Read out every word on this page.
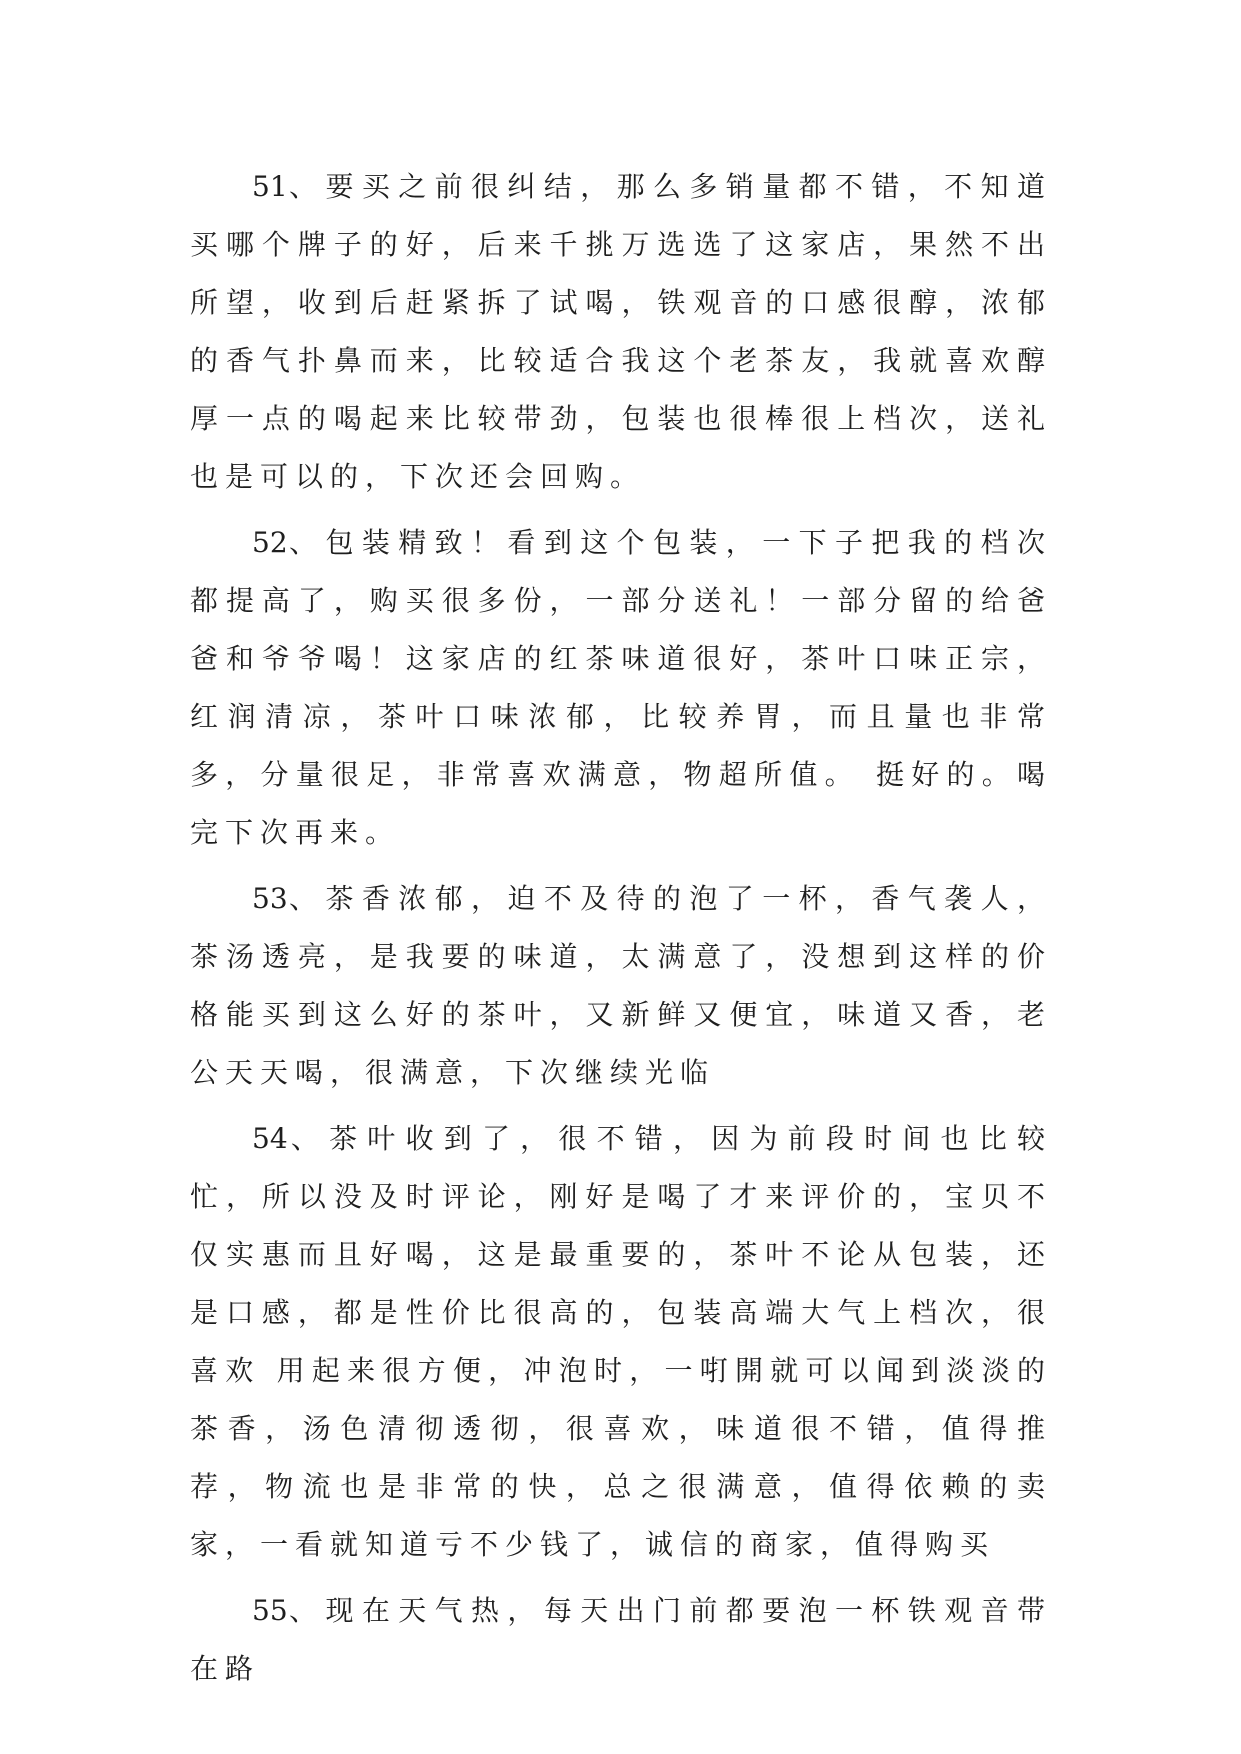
51、要买之前很纠结，那么多销量都不错，不知道买哪个牌子的好，后来千挑万选选了这家店，果然不出所望，收到后赶紧拆了试喝，铁观音的口感很醇，浓郁的香气扑鼻而来，比较适合我这个老茶友，我就喜欢醇厚一点的喝起来比较带劲，包装也很棒很上档次，送礼也是可以的，下次还会回购。

52、包装精致！看到这个包装，一下子把我的档次都提高了，购买很多份，一部分送礼！一部分留的给爸爸和爷爷喝！这家店的红茶味道很好，茶叶口味正宗，红润清凉，茶叶口味浓郁，比较养胃，而且量也非常多，分量很足，非常喜欢满意，物超所值。 挺好的。喝完下次再来。

53、茶香浓郁，迫不及待的泡了一杯，香气袭人，茶汤透亮，是我要的味道，太满意了，没想到这样的价格能买到这么好的茶叶，又新鲜又便宜，味道又香，老公天天喝，很满意，下次继续光临

54、茶叶收到了，很不错，因为前段时间也比较忙，所以没及时评论，刚好是喝了才来评价的，宝贝不仅实惠而且好喝，这是最重要的，茶叶不论从包装，还是口感，都是性价比很高的，包装高端大气上档次，很喜欢 用起来很方便，冲泡时，一咑開就可以闻到淡淡的茶香，汤色清彻透彻，很喜欢，味道很不错，值得推荐，物流也是非常的快，总之很满意，值得依赖的卖家，一看就知道亏不少钱了，诚信的商家，值得购买

55、现在天气热，每天出门前都要泡一杯铁观音带在路
